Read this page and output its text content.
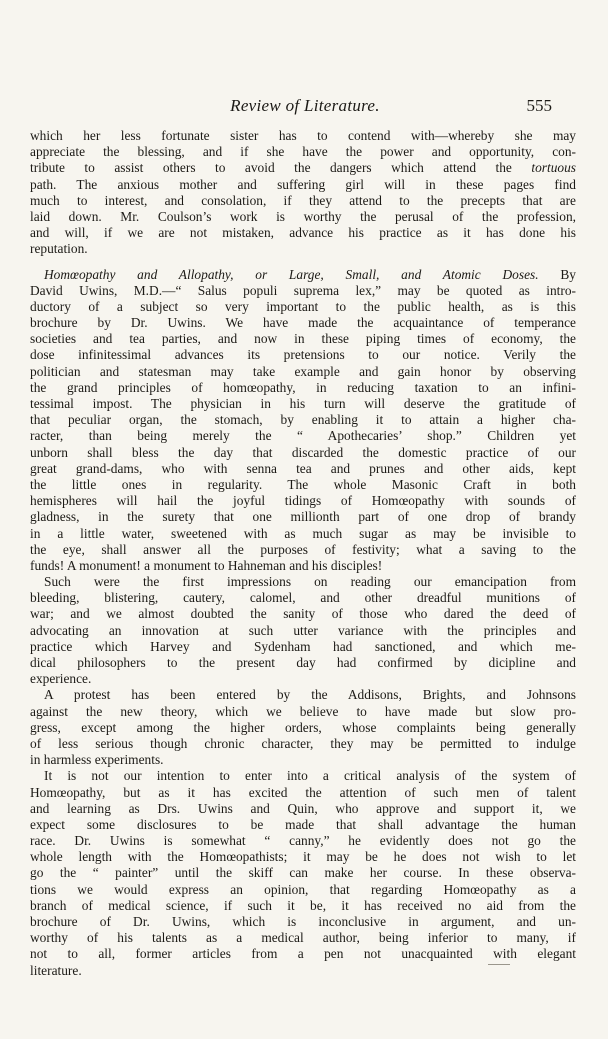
Review of Literature.	555
which her less fortunate sister has to contend with—whereby she may
appreciate the blessing, and if she have the power and opportunity, con-
tribute to assist others to avoid the dangers which attend the tortuous
path. The anxious mother and suffering girl will in these pages find
much to interest, and consolation, if they attend to the precepts that are
laid down. Mr. Coulson’s work is worthy the perusal of the profession,
and will, if we are not mistaken, advance his practice as it has done his
reputation.
Homœopathy and Allopathy, or Large, Small, and Atomic Doses. By
David Uwins, M.D.—“ Salus populi suprema lex,” may be quoted as intro-
ductory of a subject so very important to the public health, as is this
brochure by Dr. Uwins. We have made the acquaintance of temperance
societies and tea parties, and now in these piping times of economy, the
dose infinitessimal advances its pretensions to our notice. Verily the
politician and statesman may take example and gain honor by observing
the grand principles of homœopathy, in reducing taxation to an infini-
tessimal impost. The physician in his turn will deserve the gratitude of
that peculiar organ, the stomach, by enabling it to attain a higher cha-
racter, than being merely the “ Apothecaries’ shop.” Children yet
unborn shall bless the day that discarded the domestic practice of our
great grand-dams, who with senna tea and prunes and other aids, kept
the little ones in regularity. The whole Masonic Craft in both
hemispheres will hail the joyful tidings of Homœopathy with sounds of
gladness, in the surety that one millionth part of one drop of brandy
in a little water, sweetened with as much sugar as may be invisible to
the eye, shall answer all the purposes of festivity; what a saving to the
funds! A monument! a monument to Hahneman and his disciples!
Such were the first impressions on reading our emancipation from
bleeding, blistering, cautery, calomel, and other dreadful munitions of
war; and we almost doubted the sanity of those who dared the deed of
advocating an innovation at such utter variance with the principles and
practice which Harvey and Sydenham had sanctioned, and which me-
dical philosophers to the present day had confirmed by dicipline and
experience.
A protest has been entered by the Addisons, Brights, and Johnsons
against the new theory, which we believe to have made but slow pro-
gress, except among the higher orders, whose complaints being generally
of less serious though chronic character, they may be permitted to indulge
in harmless experiments.
It is not our intention to enter into a critical analysis of the system of
Homœopathy, but as it has excited the attention of such men of talent
and learning as Drs. Uwins and Quin, who approve and support it, we
expect some disclosures to be made that shall advantage the human
race. Dr. Uwins is somewhat “ canny,” he evidently does not go the
whole length with the Homœopathists; it may be he does not wish to let
go the “ painter” until the skiff can make her course. In these observa-
tions we would express an opinion, that regarding Homœopathy as a
branch of medical science, if such it be, it has received no aid from the
brochure of Dr. Uwins, which is inconclusive in argument, and un-
worthy of his talents as a medical author, being inferior to many, if
not to all, former articles from a pen not unacquainted with elegant
literature.
